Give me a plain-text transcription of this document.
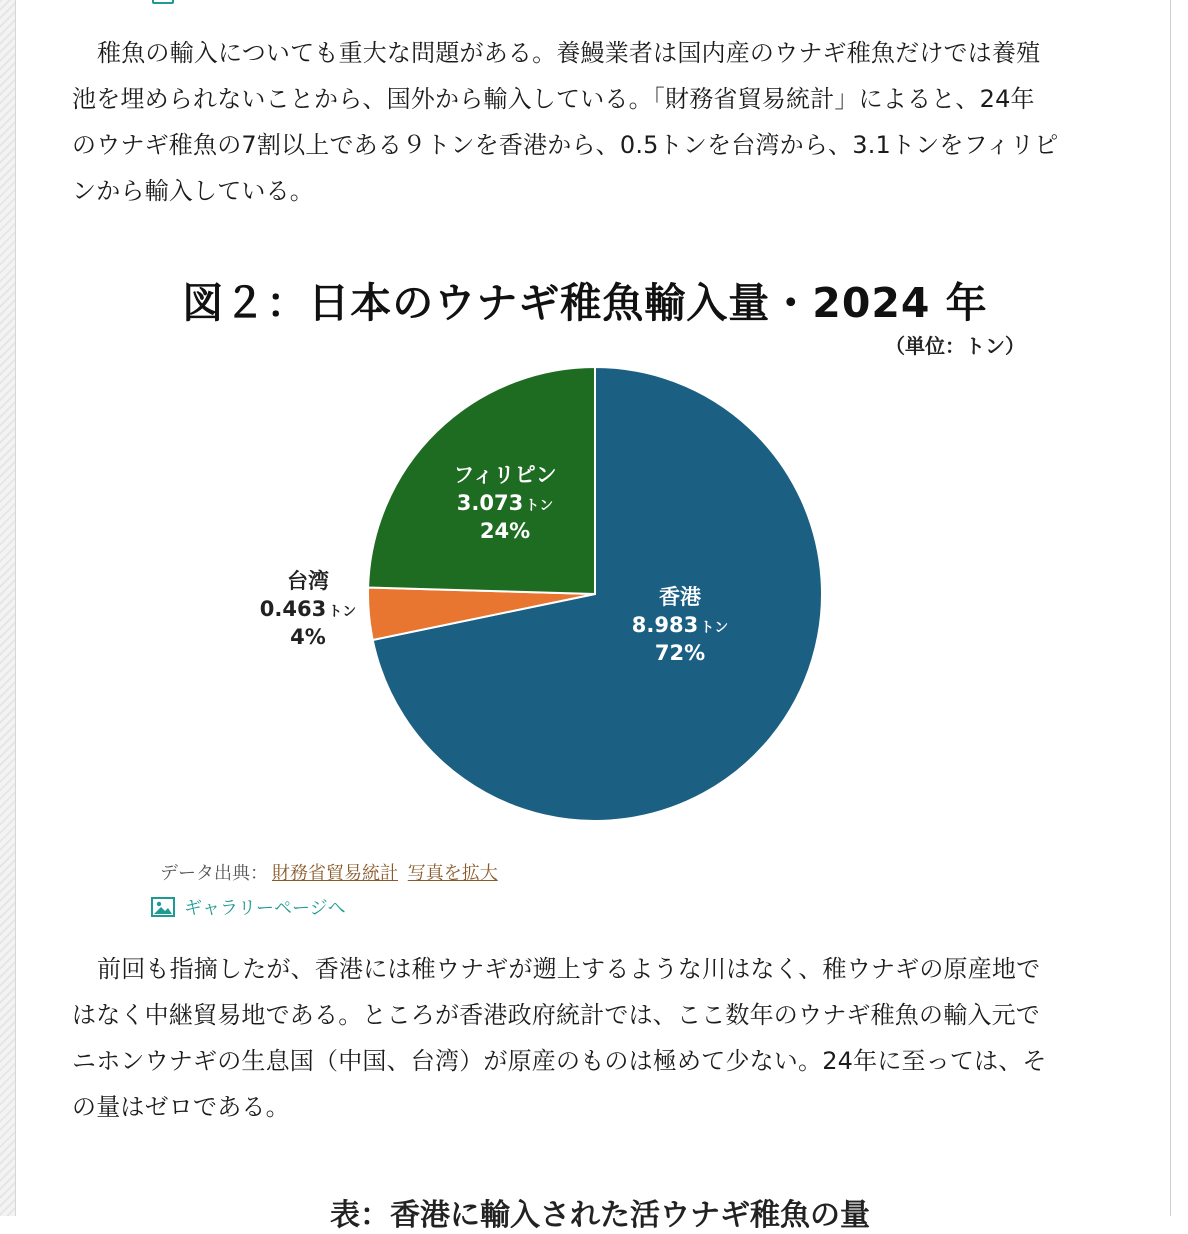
稚魚の輸入についても重大な問題がある。養鰻業者は国内産のウナギ稚魚だけでは養殖
池を埋められないことから、国外から輸入している。「財務省貿易統計」によると、24年
のウナギ稚魚の7割以上である９トンを香港から、0.5トンを台湾から、3.1トンをフィリピ
ンから輸入している。

図２：日本のウナギ稚魚輸入量・2024 年
（単位：トン）
香港
8.983 トン
72%
台湾
0.463 トン
4%
フィリピン
3.073 トン
24%
データ出典： 財務省貿易統計 写真を拡大
ギャラリーページへ

前回も指摘したが、香港には稚ウナギが遡上するような川はなく、稚ウナギの原産地で
はなく中継貿易地である。ところが香港政府統計では、ここ数年のウナギ稚魚の輸入元で
ニホンウナギの生息国（中国、台湾）が原産のものは極めて少ない。24年に至っては、そ
の量はゼロである。

表：香港に輸入された活ウナギ稚魚の量
